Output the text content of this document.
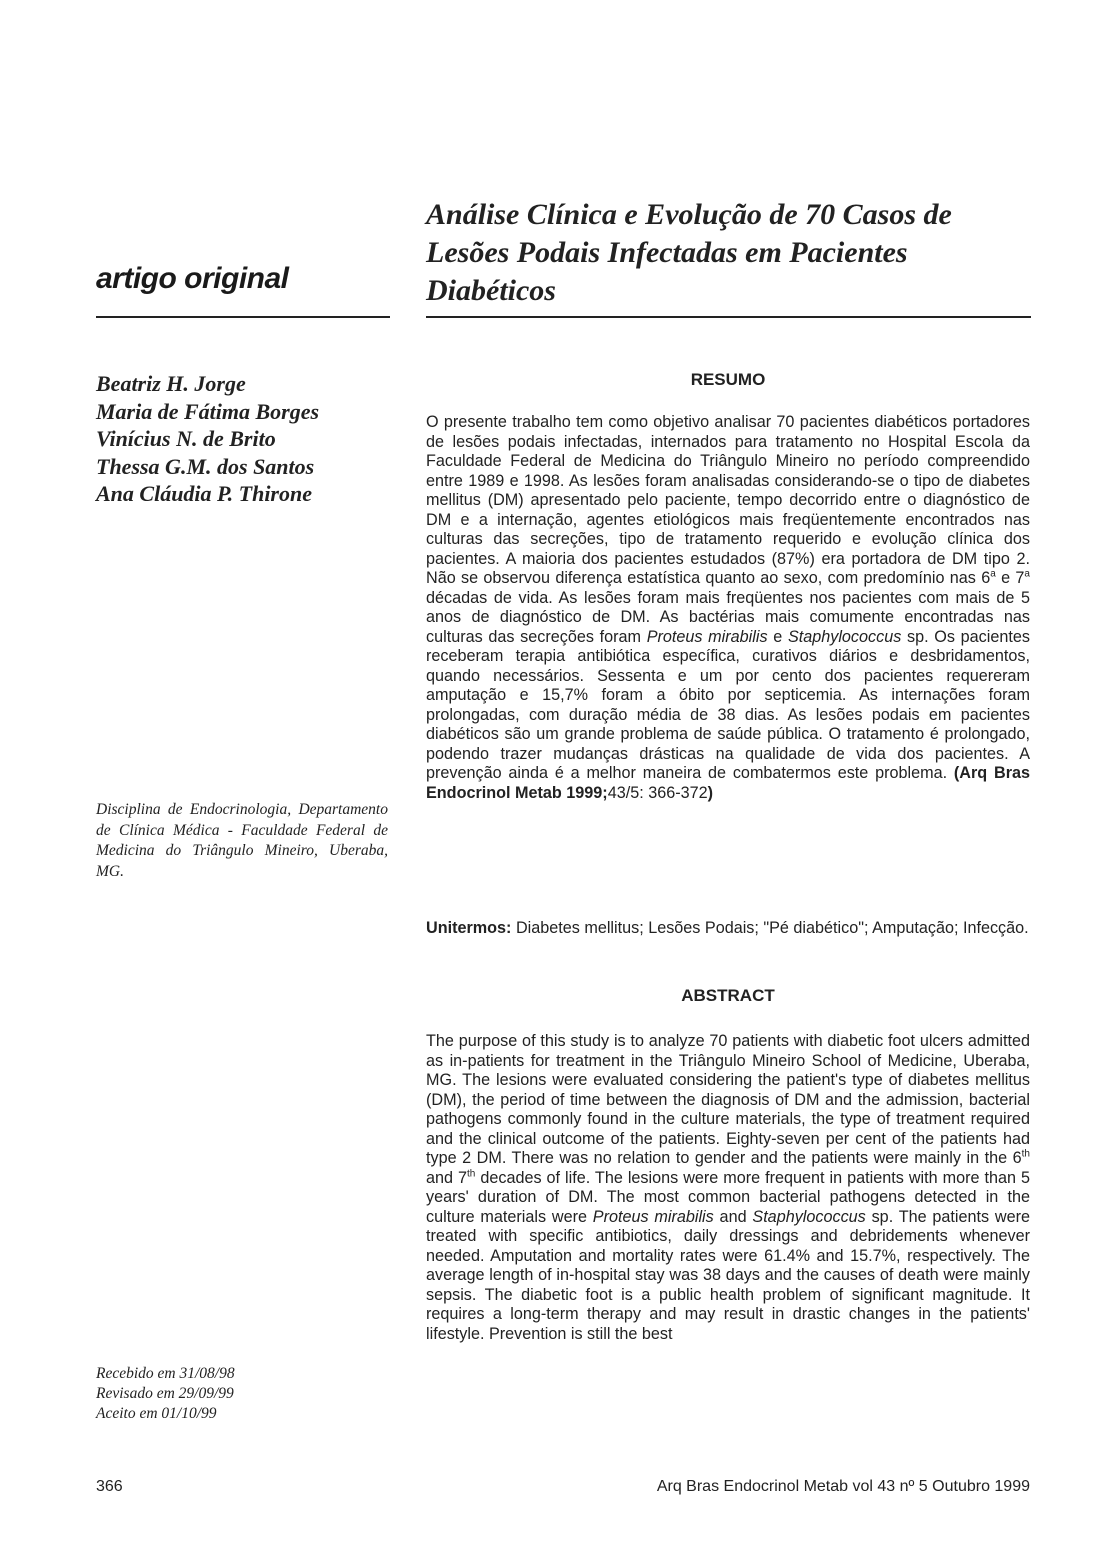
artigo original
Análise Clínica e Evolução de 70 Casos de Lesões Podais Infectadas em Pacientes Diabéticos
Beatriz H. Jorge
Maria de Fátima Borges
Vinícius N. de Brito
Thessa G.M. dos Santos
Ana Cláudia P. Thirone
Disciplina de Endocrinologia, Departamento de Clínica Médica - Faculdade Federal de Medicina do Triângulo Mineiro, Uberaba, MG.
Recebido em 31/08/98
Revisado em 29/09/99
Aceito em 01/10/99
RESUMO
O presente trabalho tem como objetivo analisar 70 pacientes diabéticos portadores de lesões podais infectadas, internados para tratamento no Hospital Escola da Faculdade Federal de Medicina do Triângulo Mineiro no período compreendido entre 1989 e 1998. As lesões foram analisadas considerando-se o tipo de diabetes mellitus (DM) apresentado pelo paciente, tempo decorrido entre o diagnóstico de DM e a internação, agentes etiológicos mais freqüentemente encontrados nas culturas das secreções, tipo de tratamento requerido e evolução clínica dos pacientes. A maioria dos pacientes estudados (87%) era portadora de DM tipo 2. Não se observou diferença estatística quanto ao sexo, com predomínio nas 6$^a$ e 7$^a$ décadas de vida. As lesões foram mais freqüentes nos pacientes com mais de 5 anos de diagnóstico de DM. As bactérias mais comumente encontradas nas culturas das secreções foram Proteus mirabilis e Staphylococcus sp. Os pacientes receberam terapia antibiótica específica, curativos diários e desbridamentos, quando necessários. Sessenta e um por cento dos pacientes requereram amputação e 15,7% foram a óbito por septicemia. As internações foram prolongadas, com duração média de 38 dias. As lesões podais em pacientes diabéticos são um grande problema de saúde pública. O tratamento é prolongado, podendo trazer mudanças drásticas na qualidade de vida dos pacientes. A prevenção ainda é a melhor maneira de combatermos este problema. (Arq Bras Endocrinol Metab 1999;43/5: 366-372)
Unitermos: Diabetes mellitus; Lesões Podais; "Pé diabético"; Amputação; Infecção.
ABSTRACT
The purpose of this study is to analyze 70 patients with diabetic foot ulcers admitted as in-patients for treatment in the Triângulo Mineiro School of Medicine, Uberaba, MG. The lesions were evaluated considering the patient's type of diabetes mellitus (DM), the period of time between the diagnosis of DM and the admission, bacterial pathogens commonly found in the culture materials, the type of treatment required and the clinical outcome of the patients. Eighty-seven per cent of the patients had type 2 DM. There was no relation to gender and the patients were mainly in the 6th and 7th decades of life. The lesions were more frequent in patients with more than 5 years' duration of DM. The most common bacterial pathogens detected in the culture materials were Proteus mirabilis and Staphylococcus sp. The patients were treated with specific antibiotics, daily dressings and debridements whenever needed. Amputation and mortality rates were 61.4% and 15.7%, respectively. The average length of in-hospital stay was 38 days and the causes of death were mainly sepsis. The diabetic foot is a public health problem of significant magnitude. It requires a long-term therapy and may result in drastic changes in the patients' lifestyle. Prevention is still the best
366	Arq Bras Endocrinol Metab vol 43 nº 5 Outubro 1999
